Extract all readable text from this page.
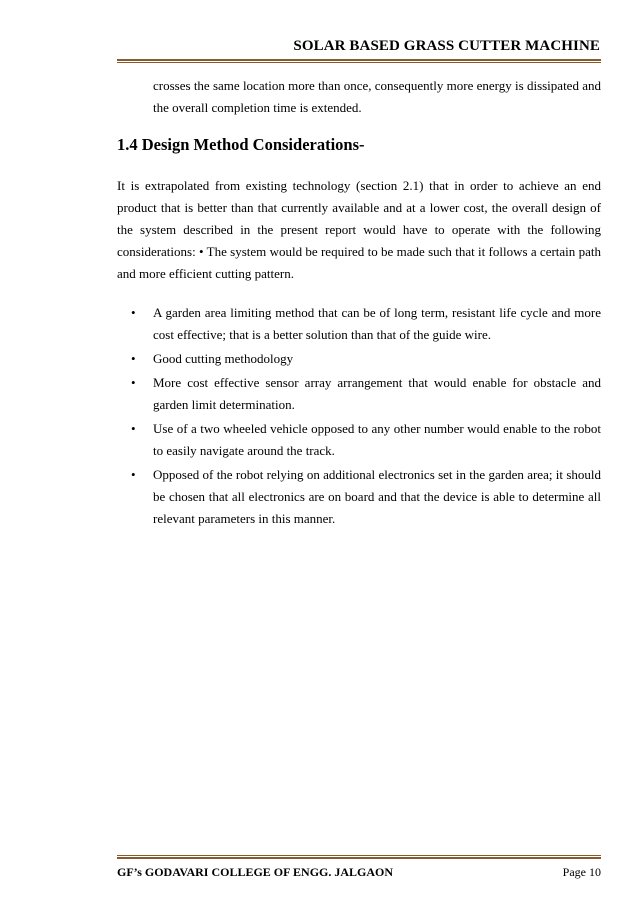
SOLAR BASED GRASS CUTTER MACHINE
crosses the same location more than once, consequently more energy is dissipated and the overall completion time is extended.
1.4 Design Method Considerations-
It is extrapolated from existing technology (section 2.1) that in order to achieve an end product that is better than that currently available and at a lower cost, the overall design of the system described in the present report would have to operate with the following considerations: • The system would be required to be made such that it follows a certain path and more efficient cutting pattern.
• A garden area limiting method that can be of long term, resistant life cycle and more cost effective; that is a better solution than that of the guide wire.
• Good cutting methodology
• More cost effective sensor array arrangement that would enable for obstacle and garden limit determination.
• Use of a two wheeled vehicle opposed to any other number would enable to the robot to easily navigate around the track.
• Opposed of the robot relying on additional electronics set in the garden area; it should be chosen that all electronics are on board and that the device is able to determine all relevant parameters in this manner.
GF’s GODAVARI COLLEGE OF ENGG. JALGAON	Page 10
